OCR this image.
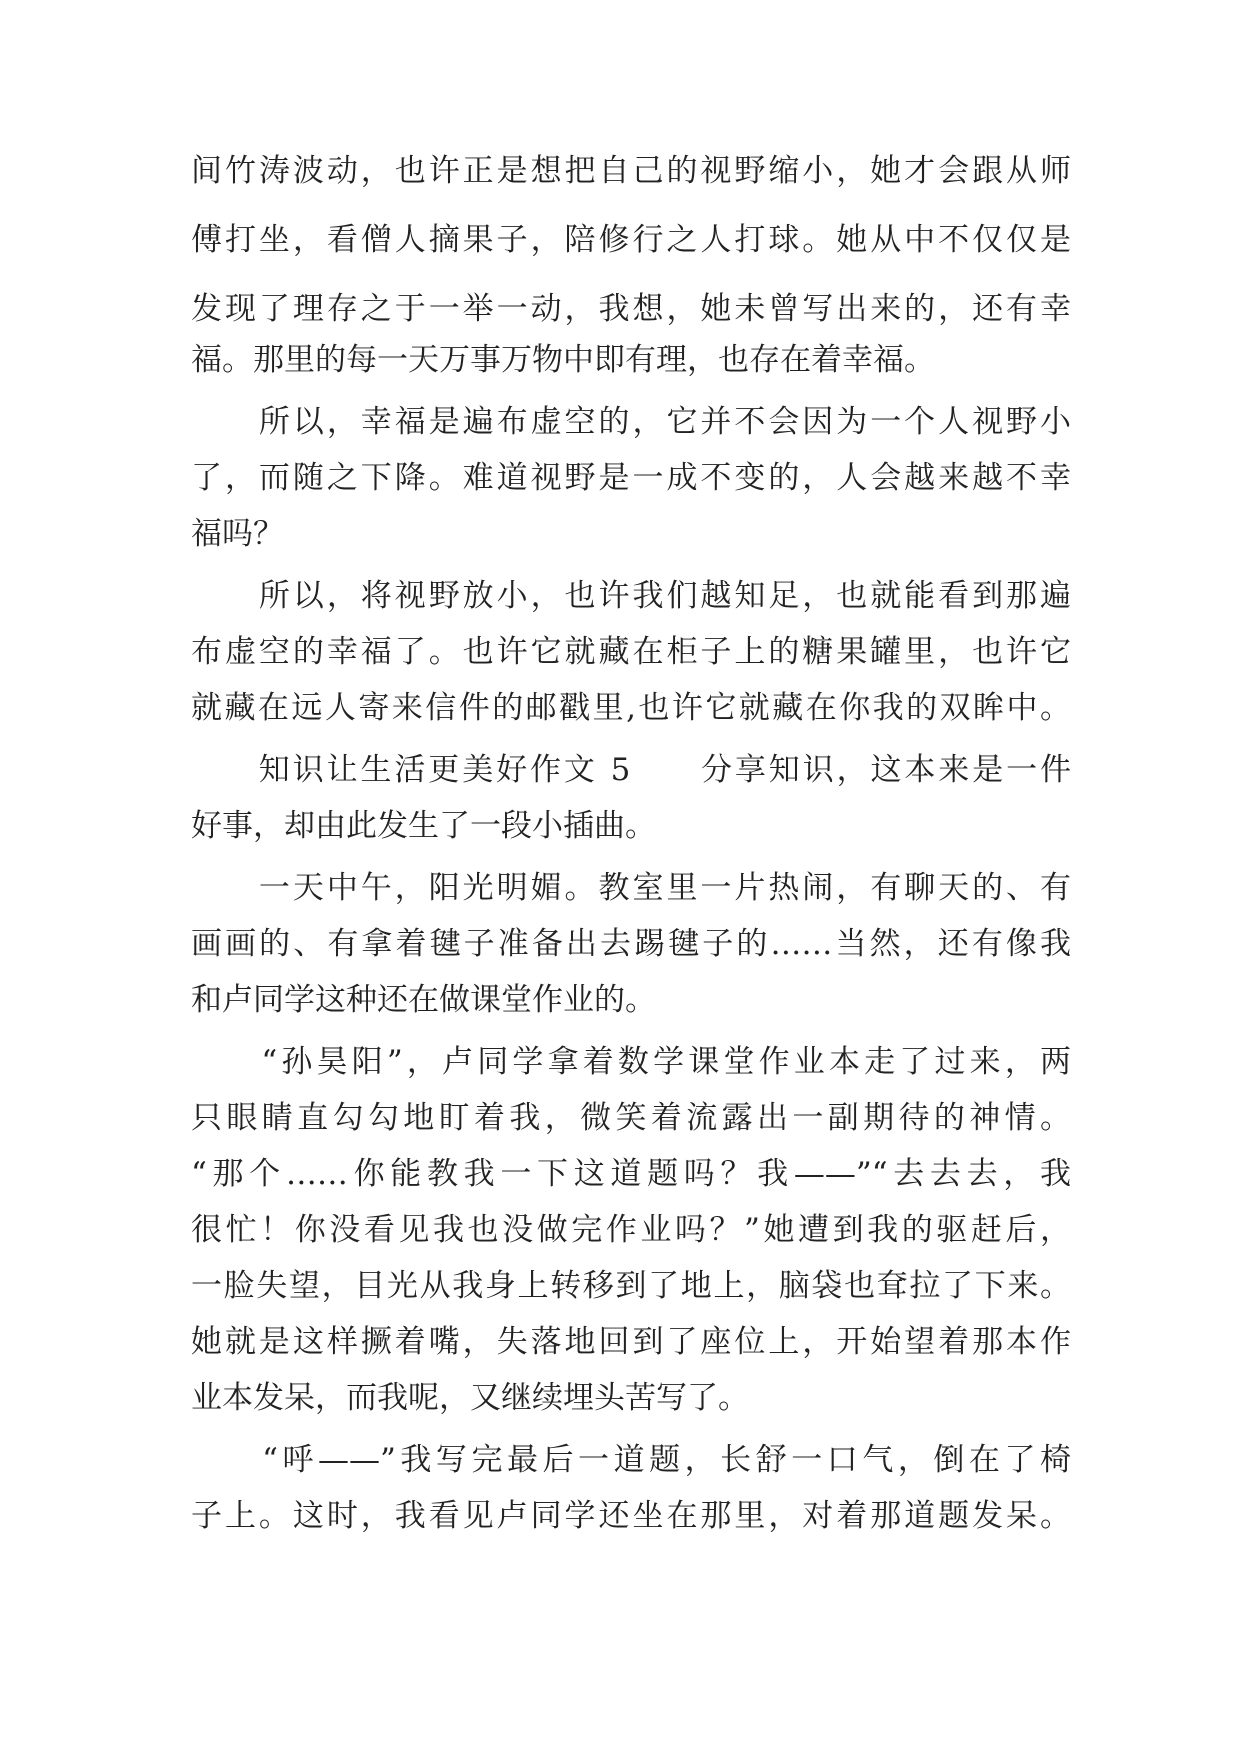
间竹涛波动，也许正是想把自己的视野缩小，她才会跟从师
傅打坐，看僧人摘果子，陪修行之人打球。她从中不仅仅是
发现了理存之于一举一动，我想，她未曾写出来的，还有幸
福。那里的每一天万事万物中即有理，也存在着幸福。
　　所以，幸福是遍布虚空的，它并不会因为一个人视野小
了，而随之下降。难道视野是一成不变的，人会越来越不幸
福吗？
　　所以，将视野放小，也许我们越知足，也就能看到那遍
布虚空的幸福了。也许它就藏在柜子上的糖果罐里，也许它
就藏在远人寄来信件的邮戳里,也许它就藏在你我的双眸中。
　　知识让生活更美好作文 5　　分享知识，这本来是一件
好事，却由此发生了一段小插曲。
　　一天中午，阳光明媚。教室里一片热闹，有聊天的、有
画画的、有拿着毽子准备出去踢毽子的……当然，还有像我
和卢同学这种还在做课堂作业的。
　　“孙昊阳”，卢同学拿着数学课堂作业本走了过来，两
只眼睛直勾勾地盯着我，微笑着流露出一副期待的神情。
“那个……你能教我一下这道题吗？我——”“去去去，我
很忙！你没看见我也没做完作业吗？”她遭到我的驱赶后，
一脸失望，目光从我身上转移到了地上，脑袋也耷拉了下来。
她就是这样撅着嘴，失落地回到了座位上，开始望着那本作
业本发呆，而我呢，又继续埋头苦写了。
　　“呼——”我写完最后一道题，长舒一口气，倒在了椅
子上。这时，我看见卢同学还坐在那里，对着那道题发呆。
